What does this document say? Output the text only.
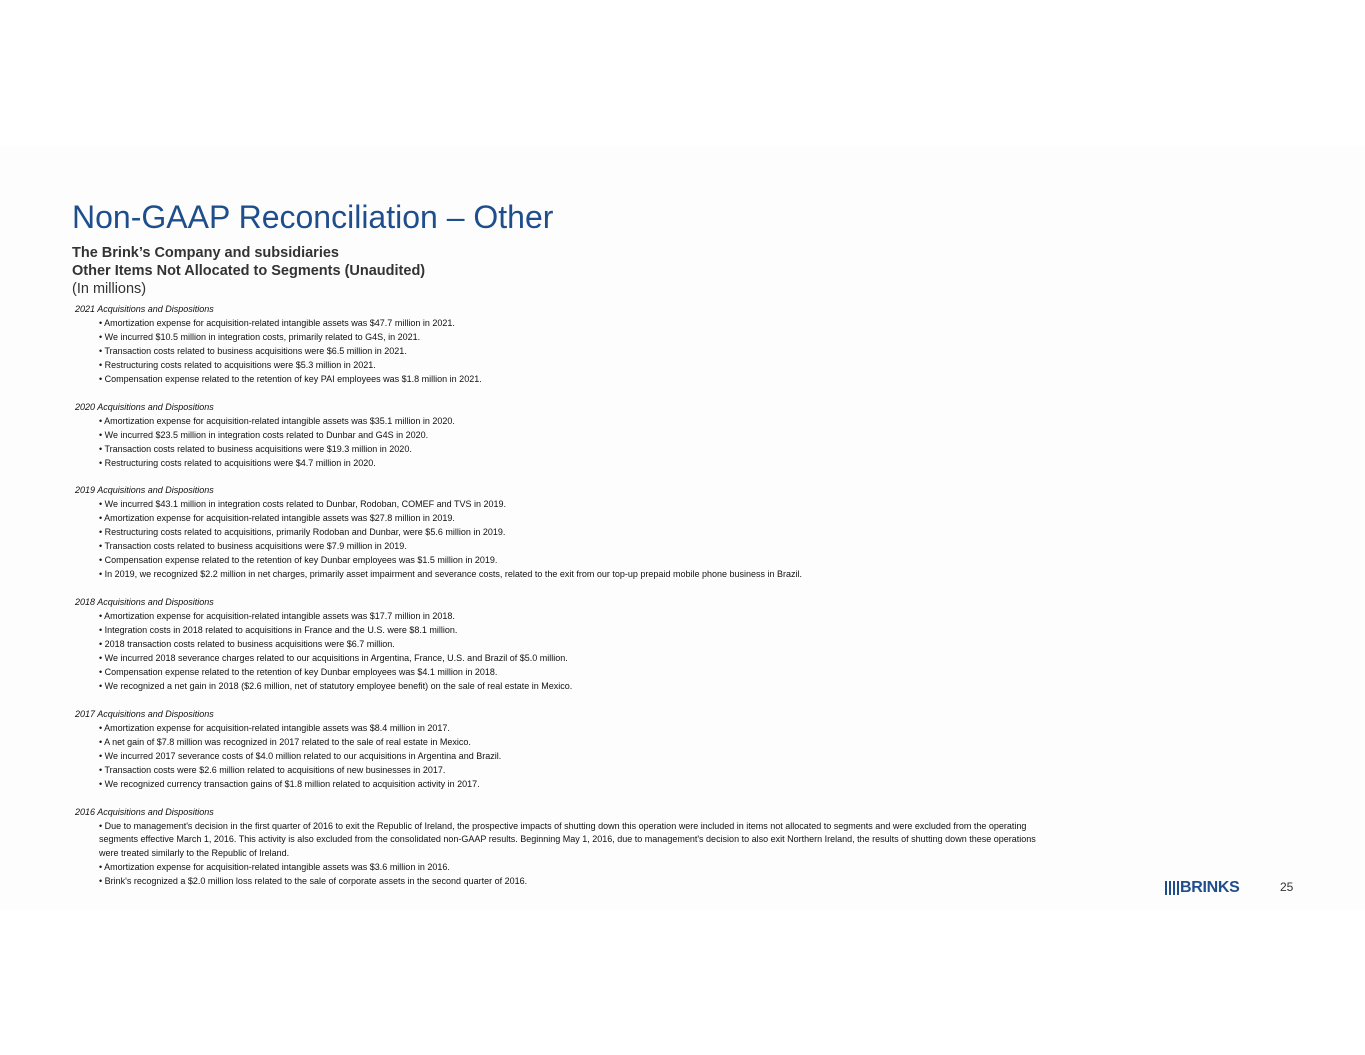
Non-GAAP Reconciliation – Other
The Brink’s Company and subsidiaries
Other Items Not Allocated to Segments (Unaudited)
(In millions)
2021 Acquisitions and Dispositions
• Amortization expense for acquisition-related intangible assets was $47.7 million in 2021.
• We incurred $10.5 million in integration costs, primarily related to G4S, in 2021.
• Transaction costs related to business acquisitions were $6.5 million in 2021.
• Restructuring costs related to acquisitions were $5.3 million in 2021.
• Compensation expense related to the retention of key PAI employees was $1.8 million in 2021.
2020 Acquisitions and Dispositions
• Amortization expense for acquisition-related intangible assets was $35.1 million in 2020.
• We incurred $23.5 million in integration costs related to Dunbar and G4S in 2020.
• Transaction costs related to business acquisitions were $19.3 million in 2020.
• Restructuring costs related to acquisitions were $4.7 million in 2020.
2019 Acquisitions and Dispositions
• We incurred $43.1 million in integration costs related to Dunbar, Rodoban, COMEF and TVS in 2019.
• Amortization expense for acquisition-related intangible assets was $27.8 million in 2019.
• Restructuring costs related to acquisitions, primarily Rodoban and Dunbar, were $5.6 million in 2019.
• Transaction costs related to business acquisitions were $7.9 million in 2019.
• Compensation expense related to the retention of key Dunbar employees was $1.5 million in 2019.
• In 2019, we recognized $2.2 million in net charges, primarily asset impairment and severance costs, related to the exit from our top-up prepaid mobile phone business in Brazil.
2018 Acquisitions and Dispositions
• Amortization expense for acquisition-related intangible assets was $17.7 million in 2018.
• Integration costs in 2018 related to acquisitions in France and the U.S. were $8.1 million.
• 2018 transaction costs related to business acquisitions were $6.7 million.
• We incurred 2018 severance charges related to our acquisitions in Argentina, France, U.S. and Brazil of $5.0 million.
• Compensation expense related to the retention of key Dunbar employees was $4.1 million in 2018.
• We recognized a net gain in 2018 ($2.6 million, net of statutory employee benefit) on the sale of real estate in Mexico.
2017 Acquisitions and Dispositions
• Amortization expense for acquisition-related intangible assets was $8.4 million in 2017.
• A net gain of $7.8 million was recognized in 2017 related to the sale of real estate in Mexico.
• We incurred 2017 severance costs of $4.0 million related to our acquisitions in Argentina and Brazil.
• Transaction costs were $2.6 million related to acquisitions of new businesses in 2017.
• We recognized currency transaction gains of $1.8 million related to acquisition activity in 2017.
2016 Acquisitions and Dispositions
• Due to management's decision in the first quarter of 2016 to exit the Republic of Ireland, the prospective impacts of shutting down this operation were included in items not allocated to segments and were excluded from the operating segments effective March 1, 2016. This activity is also excluded from the consolidated non-GAAP results. Beginning May 1, 2016, due to management's decision to also exit Northern Ireland, the results of shutting down these operations were treated similarly to the Republic of Ireland.
• Amortization expense for acquisition-related intangible assets was $3.6 million in 2016.
• Brink's recognized a $2.0 million loss related to the sale of corporate assets in the second quarter of 2016.	BRINKS	25
